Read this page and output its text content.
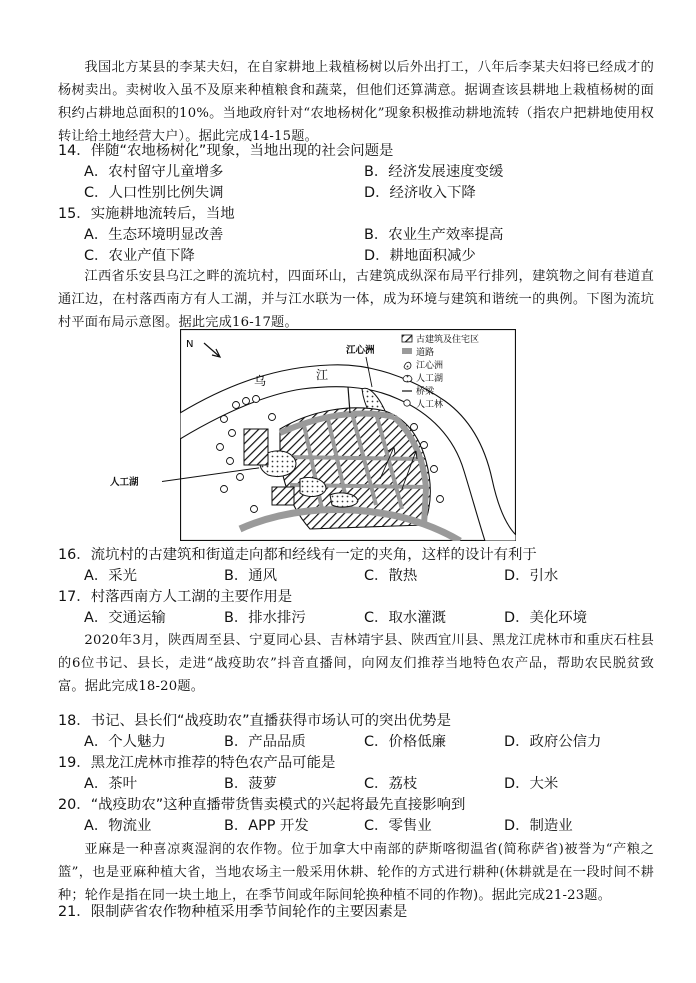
我国北方某县的李某夫妇，在自家耕地上栽植杨树以后外出打工，八年后李某夫妇将已经成才的杨树卖出。卖树收入虽不及原来种植粮食和蔬菜，但他们还算满意。据调查该县耕地上栽植杨树的面积约占耕地总面积的10%。当地政府针对“农地杨树化”现象积极推动耕地流转（指农户把耕地使用权转让给土地经营大户）。据此完成14-15题。
14．伴随“农地杨树化”现象，当地出现的社会问题是
A．农村留守儿童增多	B．经济发展速度变缓
C．人口性别比例失调	D．经济收入下降
15．实施耕地流转后，当地
A．生态环境明显改善	B．农业生产效率提高
C．农业产值下降	D．耕地面积减少
江西省乐安县乌江之畔的流坑村，四面环山，古建筑成纵深布局平行排列，建筑物之间有巷道直通江边，在村落西南方有人工湖，并与江水联为一体，成为环境与建筑和谐统一的典例。下图为流坑村平面布局示意图。据此完成16-17题。
N
乌	江
江心洲
古建筑及住宅区
道路
江心洲
人工湖
桥梁
人工林
人工湖
16．流坑村的古建筑和街道走向都和经线有一定的夹角，这样的设计有利于
A．采光	B．通风	C．散热	D．引水
17．村落西南方人工湖的主要作用是
A．交通运输	B．排水排污	C．取水灌溉	D．美化环境
2020年3月，陕西周至县、宁夏同心县、吉林靖宇县、陕西宜川县、黑龙江虎林市和重庆石柱县的6位书记、县长，走进“战疫助农”抖音直播间，向网友们推荐当地特色农产品，帮助农民脱贫致富。据此完成18-20题。
18．书记、县长们“战疫助农”直播获得市场认可的突出优势是
A．个人魅力	B．产品品质	C．价格低廉	D．政府公信力
19．黑龙江虎林市推荐的特色农产品可能是
A．茶叶	B．菠萝	C．荔枝	D．大米
20．“战疫助农”这种直播带货售卖模式的兴起将最先直接影响到
A．物流业	B．APP 开发	C．零售业	D．制造业
亚麻是一种喜凉爽湿润的农作物。位于加拿大中南部的萨斯喀彻温省(简称萨省)被誉为“产粮之篮”，也是亚麻种植大省，当地农场主一般采用休耕、轮作的方式进行耕种(休耕就是在一段时间不耕种；轮作是指在同一块土地上，在季节间或年际间轮换种植不同的作物)。据此完成21-23题。
21．限制萨省农作物种植采用季节间轮作的主要因素是
